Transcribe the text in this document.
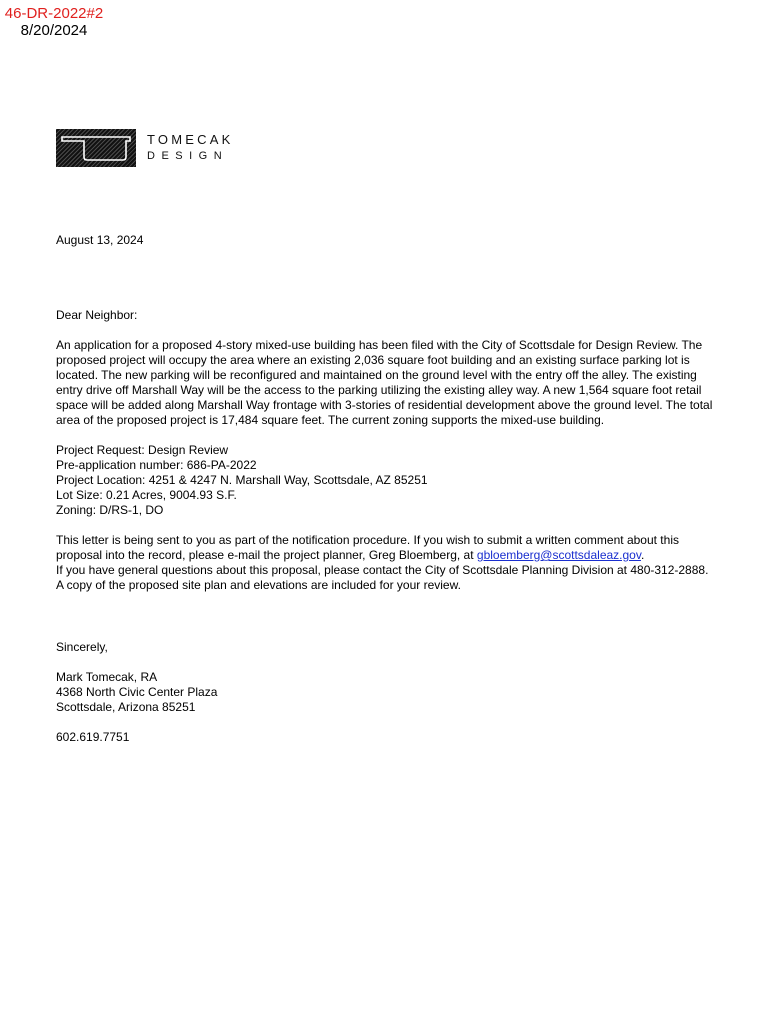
46-DR-2022#2
8/20/2024
TOMECAK
DESIGN

August 13, 2024

Dear Neighbor:

An application for a proposed 4-story mixed-use building has been filed with the City of Scottsdale for Design Review. The proposed project will occupy the area where an existing 2,036 square foot building and an existing surface parking lot is located. The new parking will be reconfigured and maintained on the ground level with the entry off the alley. The existing entry drive off Marshall Way will be the access to the parking utilizing the existing alley way. A new 1,564 square foot retail space will be added along Marshall Way frontage with 3-stories of residential development above the ground level. The total area of the proposed project is 17,484 square feet. The current zoning supports the mixed-use building.

Project Request: Design Review

Pre-application number: 686-PA-2022

Project Location: 4251 & 4247 N. Marshall Way, Scottsdale, AZ 85251

Lot Size: 0.21 Acres, 9004.93 S.F.

Zoning: D/RS-1, DO

This letter is being sent to you as part of the notification procedure. If you wish to submit a written comment about this proposal into the record, please e-mail the project planner, Greg Bloemberg, at gbloemberg@scottsdaleaz.gov.

If you have general questions about this proposal, please contact the City of Scottsdale Planning Division at 480-312-2888. A copy of the proposed site plan and elevations are included for your review.

Sincerely,

Mark Tomecak, RA

4368 North Civic Center Plaza

Scottsdale, Arizona 85251

602.619.7751
